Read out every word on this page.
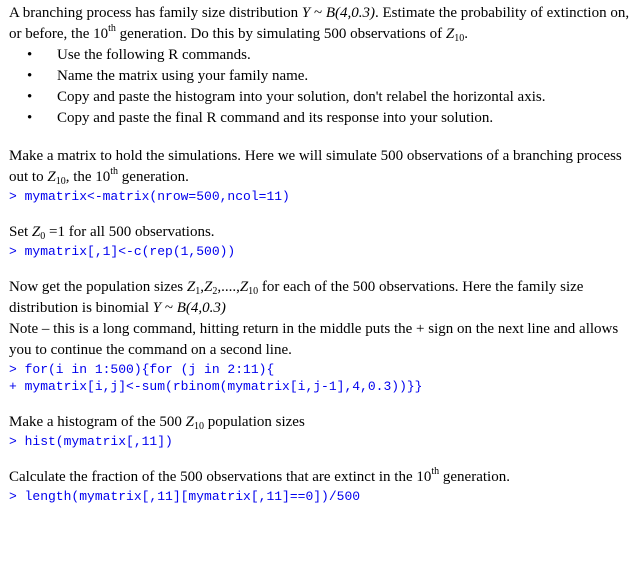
A branching process has family size distribution Y ~ B(4,0.3). Estimate the probability of extinction on, or before, the 10th generation. Do this by simulating 500 observations of $Z_{10}$.

• Use the following R commands.
• Name the matrix using your family name.
• Copy and paste the histogram into your solution, don't relabel the horizontal axis.
• Copy and paste the final R command and its response into your solution.

Make a matrix to hold the simulations. Here we will simulate 500 observations of a branching process out to $Z_{10}$, the 10th generation.

> mymatrix<-matrix(nrow=500,ncol=11)

Set $Z_0 =1$ for all 500 observations.

> mymatrix[,1]<-c(rep(1,500))

Now get the population sizes $Z_1,Z_2,....,Z_{10}$ for each of the 500 observations. Here the family size distribution is binomial Y ~ B(4,0.3)

Note – this is a long command, hitting return in the middle puts the + sign on the next line and allows you to continue the command on a second line.

> for(i in 1:500){for (j in 2:11){
+ mymatrix[i,j]<-sum(rbinom(mymatrix[i,j-1],4,0.3))}}

Make a histogram of the 500 $Z_{10}$ population sizes

> hist(mymatrix[,11])

Calculate the fraction of the 500 observations that are extinct in the 10th generation.

> length(mymatrix[,11][mymatrix[,11]==0])/500
